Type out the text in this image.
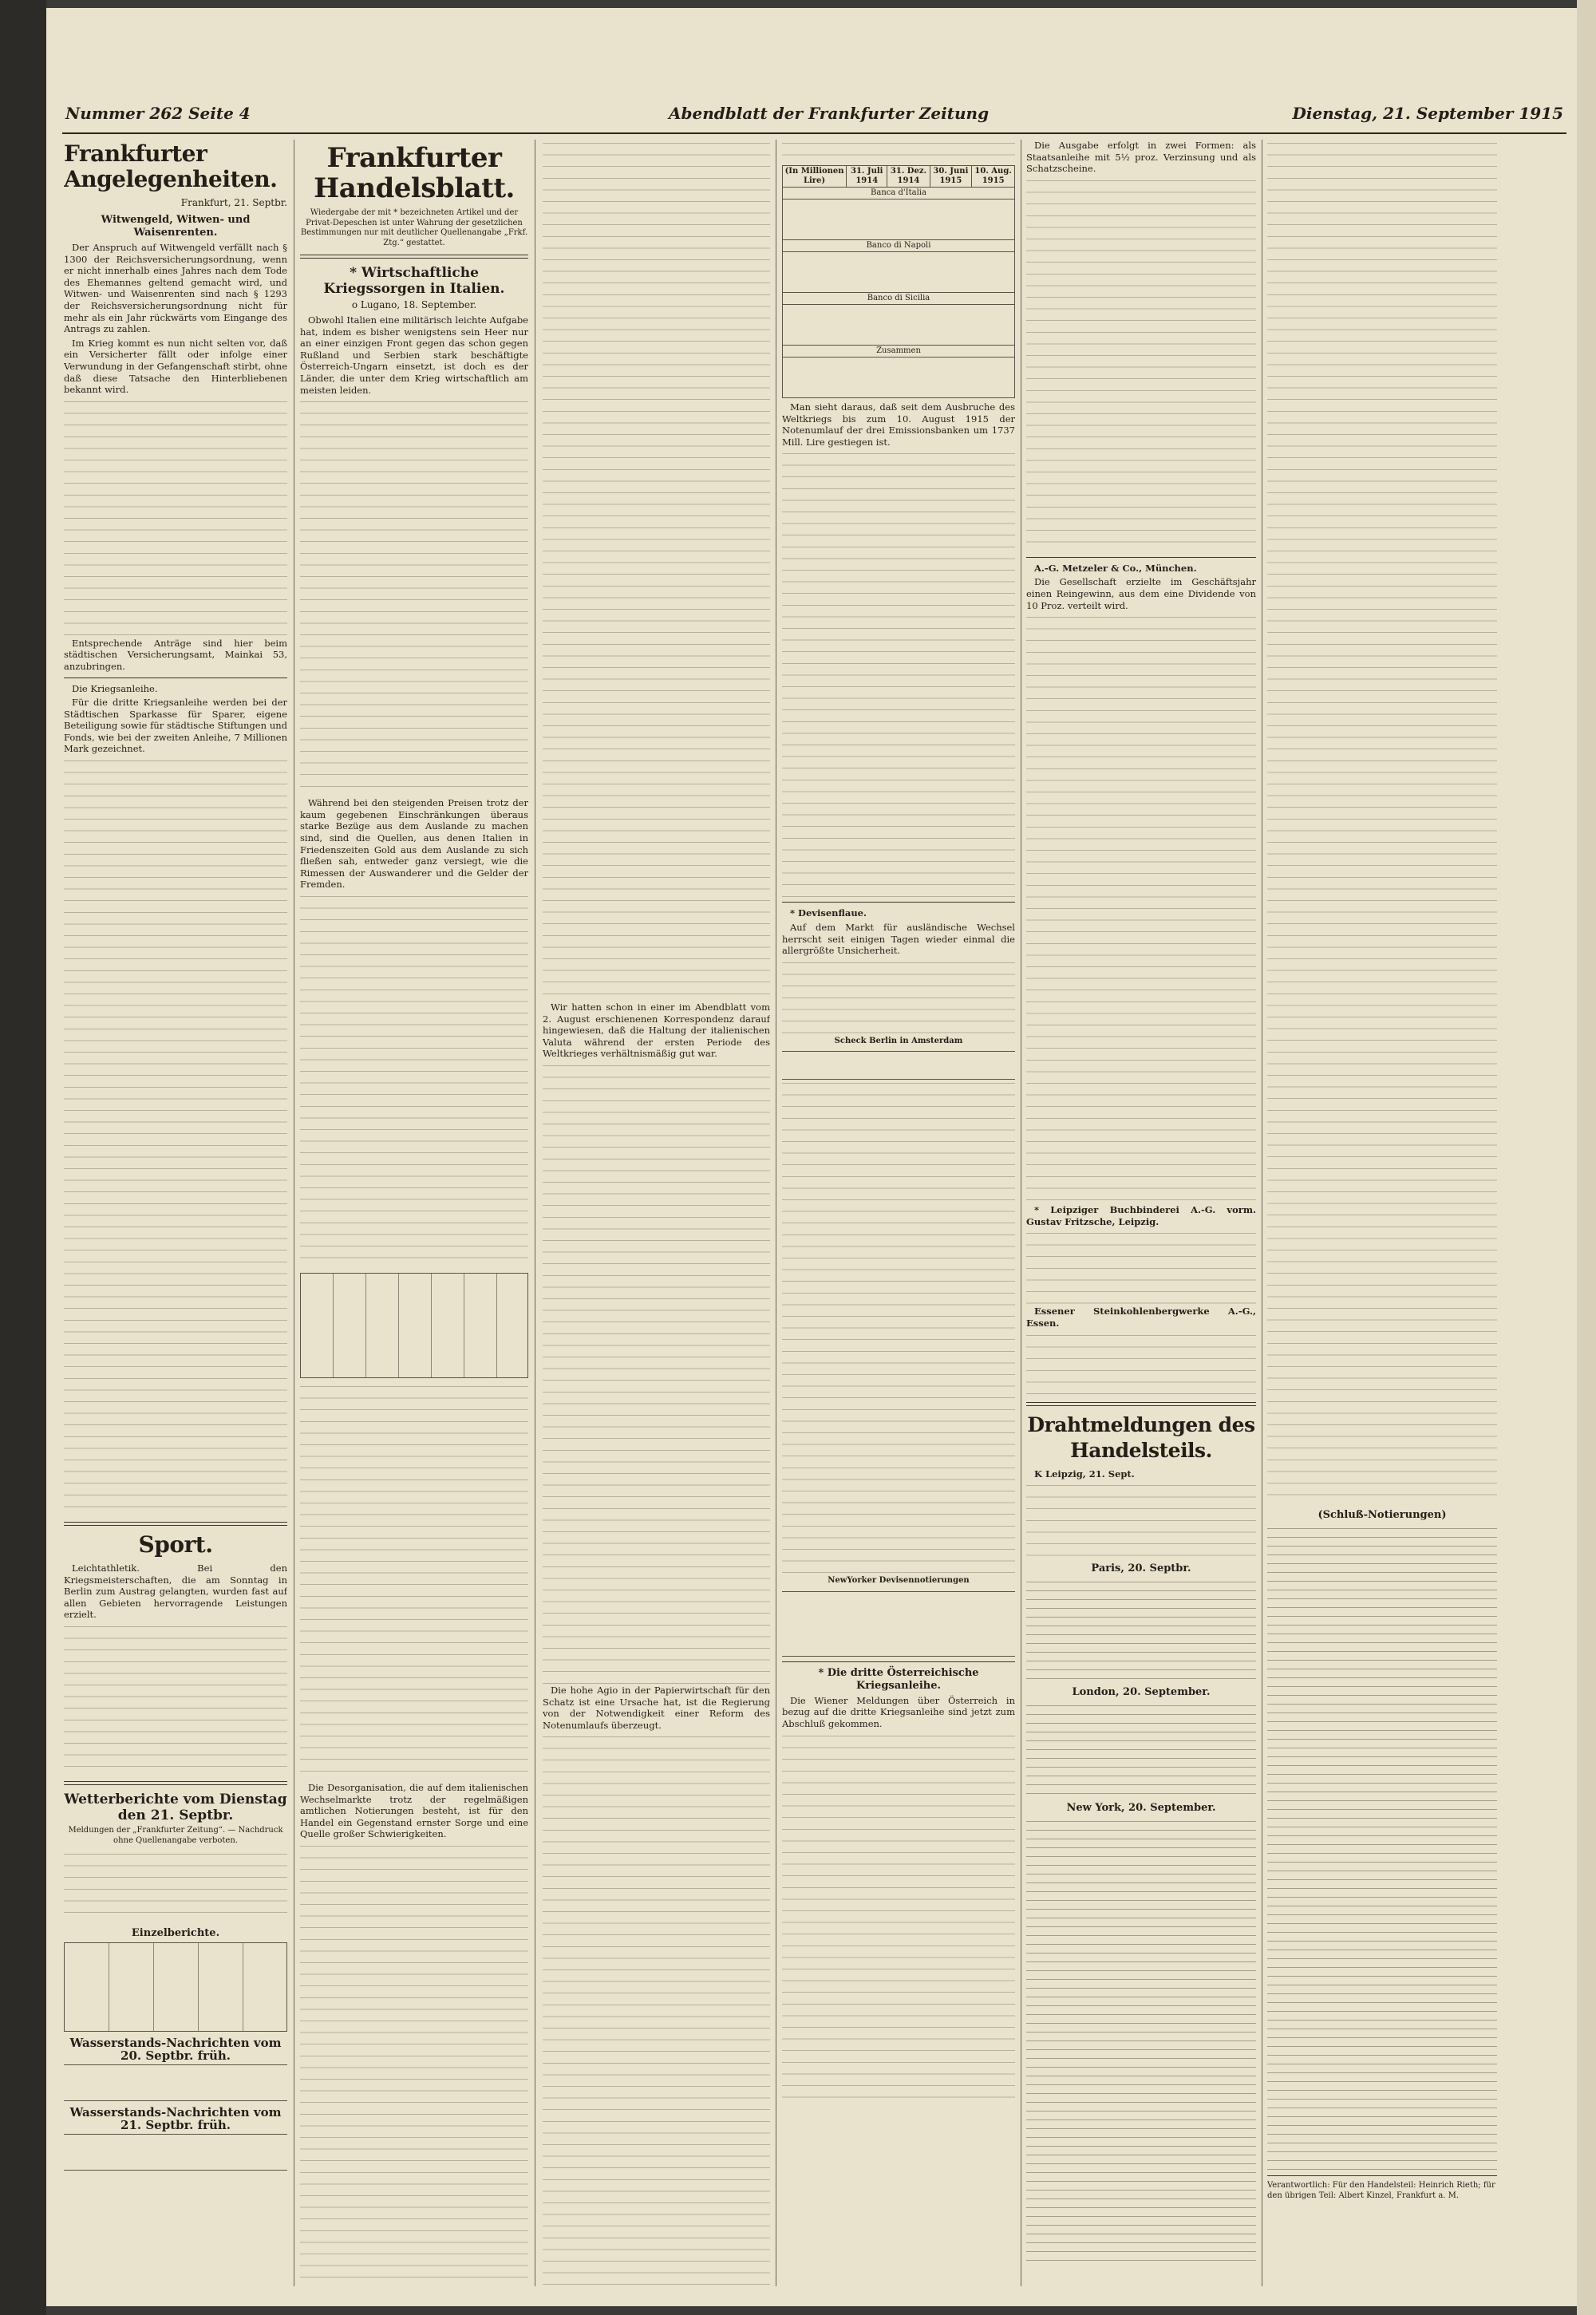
Nummer 262 Seite 4	Abendblatt der Frankfurter Zeitung	Dienstag, 21. September 1915
Frankfurter Angelegenheiten.
Frankfurt, 21. Septbr.
Witwengeld, Witwen- und Waisenrenten.

Der Anspruch auf Witwengeld verfällt nach § 1300 der Reichsversicherungsordnung, wenn er nicht innerhalb eines Jahres nach dem Tode des Ehemannes geltend gemacht wird, und Witwen- und Waisenrenten sind nach § 1293 der Reichsversicherungsordnung nicht für mehr als ein Jahr rückwärts vom Eingange des Antrags zu zahlen.

Im Krieg kommt es nun nicht selten vor, daß ein Versicherter fällt oder infolge einer Verwundung in der Gefangenschaft stirbt, ohne daß diese Tatsache den Hinterbliebenen bekannt wird.

Entsprechende Anträge sind hier beim städtischen Versicherungsamt, Mainkai 53, anzubringen.

Die Kriegsanleihe.

Für die dritte Kriegsanleihe werden bei der Städtischen Sparkasse für Sparer, eigene Beteiligung sowie für städtische Stiftungen und Fonds, wie bei der zweiten Anleihe, 7 Millionen Mark gezeichnet.

Sport.

Leichtathletik. Bei den Kriegsmeisterschaften, die am Sonntag in Berlin zum Austrag gelangten, wurden fast auf allen Gebieten hervorragende Leistungen erzielt.

Wetterberichte vom Dienstag den 21. Septbr.
Meldungen der „Frankfurter Zeitung“. — Nachdruck ohne Quellenangabe verboten.
Einzelberichte.
Wasserstands-Nachrichten vom 20. Septbr. früh.
Wasserstands-Nachrichten vom 21. Septbr. früh.
Frankfurter Handelsblatt.
Wiedergabe der mit * bezeichneten Artikel und der Privat-Depeschen ist unter Wahrung der gesetzlichen Bestimmungen nur mit deutlicher Quellenangabe „Frkf. Ztg.“ gestattet.
* Wirtschaftliche Kriegssorgen in Italien.
o Lugano, 18. September.

Obwohl Italien eine militärisch leichte Aufgabe hat, indem es bisher wenigstens sein Heer nur an einer einzigen Front gegen das schon gegen Rußland und Serbien stark beschäftigte Österreich-Ungarn einsetzt, ist doch es der Länder, die unter dem Krieg wirtschaftlich am meisten leiden.

Während bei den steigenden Preisen trotz der kaum gegebenen Einschränkungen überaus starke Bezüge aus dem Auslande zu machen sind, sind die Quellen, aus denen Italien in Friedenszeiten Gold aus dem Auslande zu sich fließen sah, entweder ganz versiegt, wie die Rimessen der Auswanderer und die Gelder der Fremden.

Die Desorganisation, die auf dem italienischen Wechselmarkte trotz der regelmäßigen amtlichen Notierungen besteht, ist für den Handel ein Gegenstand ernster Sorge und eine Quelle großer Schwierigkeiten.

Wir hatten schon in einer im Abendblatt vom 2. August erschienenen Korrespondenz darauf hingewiesen, daß die Haltung der italienischen Valuta während der ersten Periode des Weltkrieges verhältnismäßig gut war.

Die hohe Agio in der Papierwirtschaft für den Schatz ist eine Ursache hat, ist die Regierung von der Notwendigkeit einer Reform des Notenumlaufs überzeugt.

(In Millionen Lire)	31. Juli 1914	31. Dez. 1914	30. Juni 1915	10. Aug. 1915
Banca d'Italia

Banco di Napoli

Banco di Sicilia

Zusammen

Man sieht daraus, daß seit dem Ausbruche des Weltkriegs bis zum 10. August 1915 der Notenumlauf der drei Emissionsbanken um 1737 Mill. Lire gestiegen ist.

* Devisenflaue.

Auf dem Markt für ausländische Wechsel herrscht seit einigen Tagen wieder einmal die allergrößte Unsicherheit.

Scheck Berlin in Amsterdam
NewYorker Devisennotierungen
* Die dritte Österreichische Kriegsanleihe.

Die Wiener Meldungen über Österreich in bezug auf die dritte Kriegsanleihe sind jetzt zum Abschluß gekommen.

Die Ausgabe erfolgt in zwei Formen: als Staatsanleihe mit 5½ proz. Verzinsung und als Schatzscheine.

A.-G. Metzeler & Co., München.

Die Gesellschaft erzielte im Geschäftsjahr einen Reingewinn, aus dem eine Dividende von 10 Proz. verteilt wird.

* Leipziger Buchbinderei A.-G. vorm. Gustav Fritzsche, Leipzig.

Essener Steinkohlenbergwerke A.-G., Essen.

Drahtmeldungen des Handelsteils.

K Leipzig, 21. Sept.

Paris, 20. Septbr.
London, 20. September.
New York, 20. September.
(Schluß-Notierungen)

Verantwortlich: Für den Handelsteil: Heinrich Rieth; für den übrigen Teil: Albert Kinzel, Frankfurt a. M.
